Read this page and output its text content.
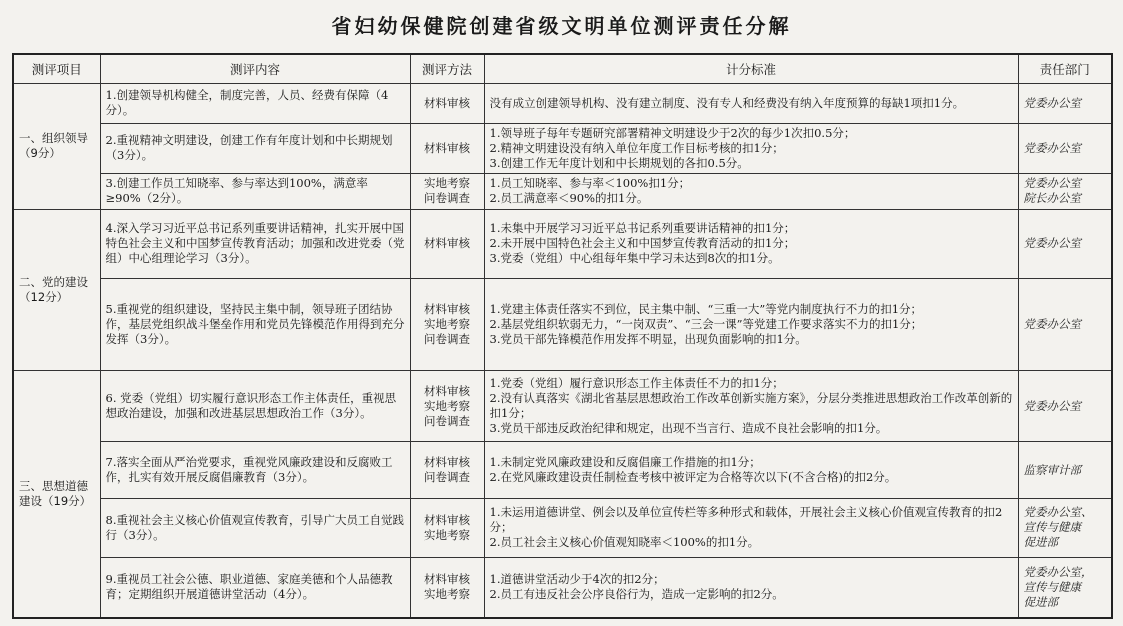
省妇幼保健院创建省级文明单位测评责任分解
测评项目	测评内容	测评方法	计分标准	责任部门
一、组织领导（9分）	1.创建领导机构健全，制度完善，人员、经费有保障（4分）。	材料审核	没有成立创建领导机构、没有建立制度、没有专人和经费没有纳入年度预算的每缺1项扣1分。	党委办公室

	2.重视精神文明建设，创建工作有年度计划和中长期规划（3分）。	材料审核	1.领导班子每年专题研究部署精神文明建设少于2次的每少1次扣0.5分；
2.精神文明建设没有纳入单位年度工作目标考核的扣1分；
3.创建工作无年度计划和中长期规划的各扣0.5分。	党委办公室

	3.创建工作员工知晓率、参与率达到100%，满意率≥90%（2分）。	实地考察
问卷调查	1.员工知晓率、参与率＜100%扣1分；
2.员工满意率＜90%的扣1分。	党委办公室
院长办公室

二、党的建设（12分）	4.深入学习习近平总书记系列重要讲话精神，扎实开展中国特色社会主义和中国梦宣传教育活动；加强和改进党委（党组）中心组理论学习（3分）。	材料审核	1.未集中开展学习习近平总书记系列重要讲话精神的扣1分；
2.未开展中国特色社会主义和中国梦宣传教育活动的扣1分；
3.党委（党组）中心组每年集中学习未达到8次的扣1分。	党委办公室

	5.重视党的组织建设，坚持民主集中制，领导班子团结协作，基层党组织战斗堡垒作用和党员先锋模范作用得到充分发挥（3分）。	材料审核
实地考察
问卷调查	1.党建主体责任落实不到位，民主集中制、“三重一大”等党内制度执行不力的扣1分；
2.基层党组织软弱无力，“一岗双责”、“三会一课”等党建工作要求落实不力的扣1分；
3.党员干部先锋模范作用发挥不明显，出现负面影响的扣1分。	党委办公室

三、思想道德建设（19分）	6. 党委（党组）切实履行意识形态工作主体责任，重视思想政治建设，加强和改进基层思想政治工作（3分）。	材料审核
实地考察
问卷调查	1.党委（党组）履行意识形态工作主体责任不力的扣1分；
2.没有认真落实《湖北省基层思想政治工作改革创新实施方案》，分层分类推进思想政治工作改革创新的扣1分；
3.党员干部违反政治纪律和规定，出现不当言行、造成不良社会影响的扣1分。	党委办公室

	7.落实全面从严治党要求，重视党风廉政建设和反腐败工作，扎实有效开展反腐倡廉教育（3分）。	材料审核
问卷调查	1.未制定党风廉政建设和反腐倡廉工作措施的扣1分；
2.在党风廉政建设责任制检查考核中被评定为合格等次以下(不含合格)的扣2分。	监察审计部

	8.重视社会主义核心价值观宣传教育，引导广大员工自觉践行（3分）。	材料审核
实地考察	1.未运用道德讲堂、例会以及单位宣传栏等多种形式和载体，开展社会主义核心价值观宣传教育的扣2分；
2.员工社会主义核心价值观知晓率＜100%的扣1分。	党委办公室、
宣传与健康
促进部

	9.重视员工社会公德、职业道德、家庭美德和个人品德教育；定期组织开展道德讲堂活动（4分）。	材料审核
实地考察	1.道德讲堂活动少于4次的扣2分；
2.员工有违反社会公序良俗行为，造成一定影响的扣2分。	党委办公室，
宣传与健康
促进部
